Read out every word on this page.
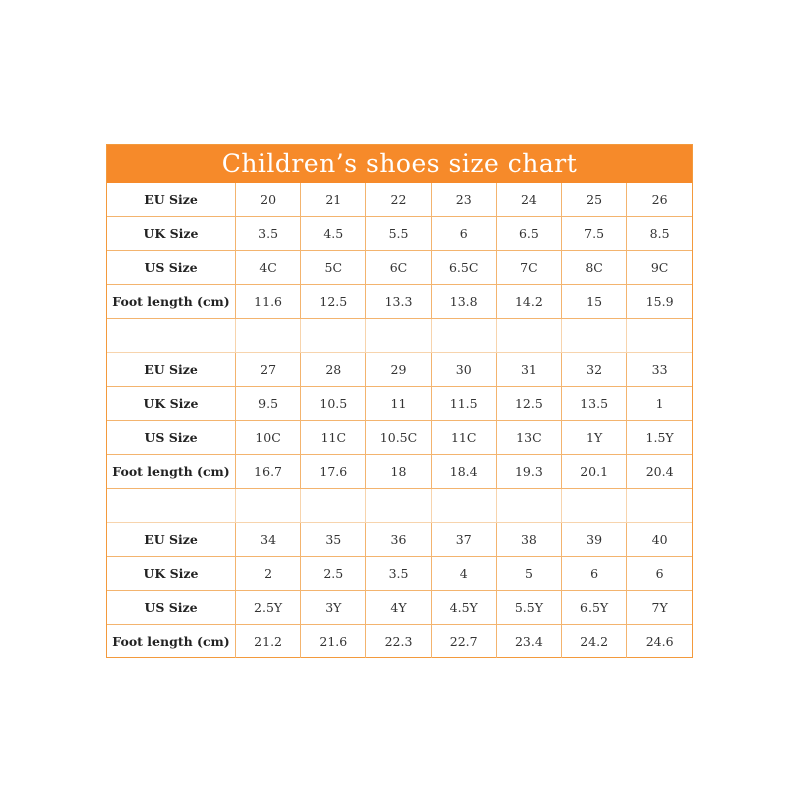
Children’s shoes size chart
EU Size	20	21	22	23	24	25	26
UK Size	3.5	4.5	5.5	6	6.5	7.5	8.5
US Size	4C	5C	6C	6.5C	7C	8C	9C
Foot length (cm)	11.6	12.5	13.3	13.8	14.2	15	15.9

EU Size	27	28	29	30	31	32	33
UK Size	9.5	10.5	11	11.5	12.5	13.5	1
US Size	10C	11C	10.5C	11C	13C	1Y	1.5Y
Foot length (cm)	16.7	17.6	18	18.4	19.3	20.1	20.4

EU Size	34	35	36	37	38	39	40
UK Size	2	2.5	3.5	4	5	6	6
US Size	2.5Y	3Y	4Y	4.5Y	5.5Y	6.5Y	7Y
Foot length (cm)	21.2	21.6	22.3	22.7	23.4	24.2	24.6
